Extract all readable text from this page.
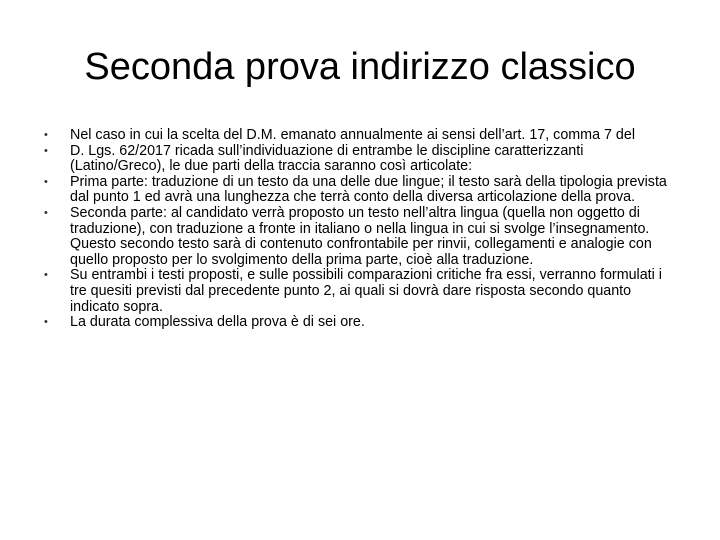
Seconda prova indirizzo classico
• Nel caso in cui la scelta del D.M. emanato annualmente ai sensi dell’art. 17, comma 7 del
• D. Lgs. 62/2017 ricada sull’individuazione di entrambe le discipline caratterizzanti (Latino/Greco), le due parti della traccia saranno così articolate:
• Prima parte: traduzione di un testo da una delle due lingue; il testo sarà della tipologia prevista dal punto 1 ed avrà una lunghezza che terrà conto della diversa articolazione della prova.
• Seconda parte: al candidato verrà proposto un testo nell’altra lingua (quella non oggetto di traduzione), con traduzione a fronte in italiano o nella lingua in cui si svolge l’insegnamento. Questo secondo testo sarà di contenuto confrontabile per rinvii, collegamenti e analogie con quello proposto per lo svolgimento della prima parte, cioè alla traduzione.
• Su entrambi i testi proposti, e sulle possibili comparazioni critiche fra essi, verranno formulati i tre quesiti previsti dal precedente punto 2, ai quali si dovrà dare risposta secondo quanto indicato sopra.
• La durata complessiva della prova è di sei ore.
